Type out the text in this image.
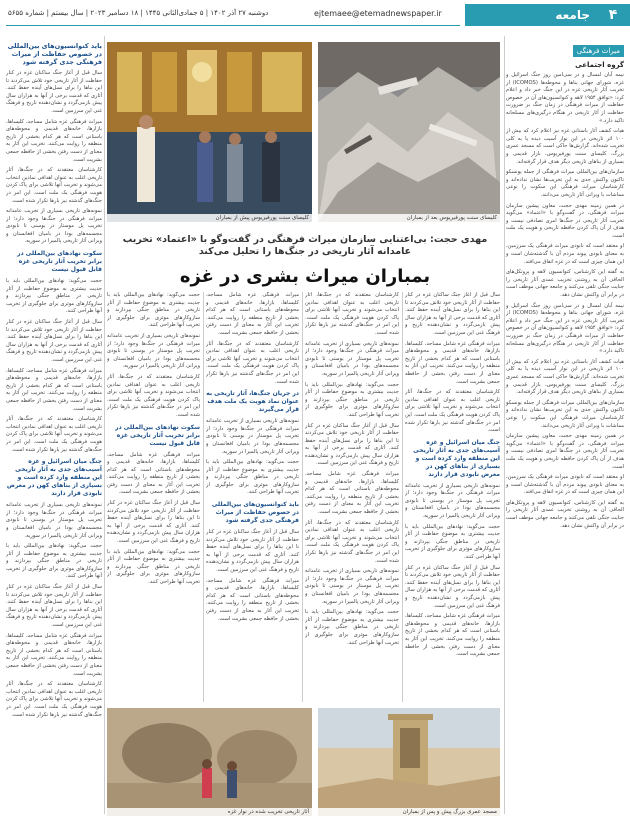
۴
جامعه
ejtemaee@etemadnewspaper.ir
دوشنبه ۲۷ آذر ۱۴۰۲ | ۵ جمادی‌الثانی ۱۴۴۵ | ۱۸ دسامبر ۲۰۲۳ | سال بیستم | شماره ۵۶۵۵
میراث فرهنگی
گروه اجتماعی
نیمه آبان امسال و در سی‌امین روز جنگ اسرائیل و غزه، شورای جهانی بناها و محوطه‌ها (ICOMOS) از تخریب آثار تاریخی غزه در این جنگ خبر داد و اعلام کرد: «توافق ۱۹۵۴ لاهه و کنوانسیون‌های آن در خصوص حفاظت از میراث فرهنگی در زمان جنگ بر ضرورت حفاظت از آثار تاریخی در هنگام درگیری‌های مسلحانه تاکید دارد.»
هیات کشف آثار باستانی غزه نیز اعلام کرد که بیش از ۱۰۰ اثر تاریخی در این نوار آسیب دیده یا به کلی تخریب شده‌اند. گزارش‌ها حاکی است که مسجد عمری بزرگ، کلیسای سنت پورفیریوس، بازار قدیمی و بسیاری از بناهای تاریخی دیگر هدف قرار گرفته‌اند.
سازمان‌های بین‌المللی میراث فرهنگی از جمله یونسکو تاکنون واکنش جدی به این تخریب‌ها نشان نداده‌اند و کارشناسان میراث فرهنگی این سکوت را نوعی مماشات با ویرانی آثار تاریخی می‌دانند.
در همین زمینه مهدی حجت، معاون پیشین سازمان میراث فرهنگی، در گفت‌وگو با «اعتماد» می‌گوید تخریب آثار تاریخی در جنگ‌ها امری تصادفی نیست و هدف از آن پاک کردن حافظه تاریخی و هویت یک ملت است.
او معتقد است که نابودی میراث فرهنگی یک سرزمین، به معنای نابودی پیوند مردم آن با گذشته‌شان است و این همان چیزی است که در غزه اتفاق می‌افتد.
به گفته این کارشناس، کنوانسیون لاهه و پروتکل‌های الحاقی آن به روشنی تخریب عمدی آثار تاریخی را جنایت جنگی تلقی می‌کنند و جامعه جهانی موظف است در برابر آن واکنش نشان دهد.
نیمه آبان امسال و در سی‌امین روز جنگ اسرائیل و غزه، شورای جهانی بناها و محوطه‌ها (ICOMOS) از تخریب آثار تاریخی غزه در این جنگ خبر داد و اعلام کرد: «توافق ۱۹۵۴ لاهه و کنوانسیون‌های آن در خصوص حفاظت از میراث فرهنگی در زمان جنگ بر ضرورت حفاظت از آثار تاریخی در هنگام درگیری‌های مسلحانه تاکید دارد.»
هیات کشف آثار باستانی غزه نیز اعلام کرد که بیش از ۱۰۰ اثر تاریخی در این نوار آسیب دیده یا به کلی تخریب شده‌اند. گزارش‌ها حاکی است که مسجد عمری بزرگ، کلیسای سنت پورفیریوس، بازار قدیمی و بسیاری از بناهای تاریخی دیگر هدف قرار گرفته‌اند.
سازمان‌های بین‌المللی میراث فرهنگی از جمله یونسکو تاکنون واکنش جدی به این تخریب‌ها نشان نداده‌اند و کارشناسان میراث فرهنگی این سکوت را نوعی مماشات با ویرانی آثار تاریخی می‌دانند.
در همین زمینه مهدی حجت، معاون پیشین سازمان میراث فرهنگی، در گفت‌وگو با «اعتماد» می‌گوید تخریب آثار تاریخی در جنگ‌ها امری تصادفی نیست و هدف از آن پاک کردن حافظه تاریخی و هویت یک ملت است.
او معتقد است که نابودی میراث فرهنگی یک سرزمین، به معنای نابودی پیوند مردم آن با گذشته‌شان است و این همان چیزی است که در غزه اتفاق می‌افتد.
به گفته این کارشناس، کنوانسیون لاهه و پروتکل‌های الحاقی آن به روشنی تخریب عمدی آثار تاریخی را جنایت جنگی تلقی می‌کنند و جامعه جهانی موظف است در برابر آن واکنش نشان دهد.
کلیسای سنت پورفیریوس بعد از بمباران
کلیسای سنت پورفیریوس پیش از بمباران
مهدی حجت: بی‌اعتنایی سازمان میراث فرهنگی در گفت‌وگو با «اعتماد» تخریب عامدانه آثار تاریخی در جنگ‌ها را تحلیل می‌کند
بمباران میراث بشری در غزه
سال قبل از آغاز جنگ ساکنان غزه در کنار حفاظت از آثار تاریخی خود تلاش می‌کردند تا این بناها را برای نسل‌های آینده حفظ کنند. آثاری که قدمت برخی از آنها به هزاران سال پیش بازمی‌گردد و نشان‌دهنده تاریخ و فرهنگ غنی این سرزمین است.
میراث فرهنگی غزه شامل مساجد، کلیساها، بازارها، خانه‌های قدیمی و محوطه‌های باستانی است که هر کدام بخشی از تاریخ منطقه را روایت می‌کنند. تخریب این آثار به معنای از دست رفتن بخشی از حافظه جمعی بشریت است.
کارشناسان معتقدند که در جنگ‌ها، آثار تاریخی اغلب به عنوان اهدافی نمادین انتخاب می‌شوند و تخریب آنها تلاشی برای پاک کردن هویت فرهنگی یک ملت است. این امر در جنگ‌های گذشته نیز بارها تکرار شده است.
جنگ میان اسرائیل و غزه آسیب‌های جدی به آثار تاریخی این منطقه وارد کرده است و بسیاری از بناهای کهن در معرض نابودی قرار دارند
نمونه‌های تاریخی بسیاری از تخریب عامدانه میراث فرهنگی در جنگ‌ها وجود دارد؛ از تخریب پل موستار در بوسنی تا نابودی مجسمه‌های بودا در بامیان افغانستان و ویرانی آثار تاریخی پالمیرا در سوریه.
حجت می‌گوید: نهادهای بین‌المللی باید با جدیت بیشتری به موضوع حفاظت از آثار تاریخی در مناطق جنگی بپردازند و سازوکارهای موثری برای جلوگیری از تخریب آنها طراحی کنند.
سال قبل از آغاز جنگ ساکنان غزه در کنار حفاظت از آثار تاریخی خود تلاش می‌کردند تا این بناها را برای نسل‌های آینده حفظ کنند. آثاری که قدمت برخی از آنها به هزاران سال پیش بازمی‌گردد و نشان‌دهنده تاریخ و فرهنگ غنی این سرزمین است.
میراث فرهنگی غزه شامل مساجد، کلیساها، بازارها، خانه‌های قدیمی و محوطه‌های باستانی است که هر کدام بخشی از تاریخ منطقه را روایت می‌کنند. تخریب این آثار به معنای از دست رفتن بخشی از حافظه جمعی بشریت است.
کارشناسان معتقدند که در جنگ‌ها، آثار تاریخی اغلب به عنوان اهدافی نمادین انتخاب می‌شوند و تخریب آنها تلاشی برای پاک کردن هویت فرهنگی یک ملت است. این امر در جنگ‌های گذشته نیز بارها تکرار شده است.
نمونه‌های تاریخی بسیاری از تخریب عامدانه میراث فرهنگی در جنگ‌ها وجود دارد؛ از تخریب پل موستار در بوسنی تا نابودی مجسمه‌های بودا در بامیان افغانستان و ویرانی آثار تاریخی پالمیرا در سوریه.
حجت می‌گوید: نهادهای بین‌المللی باید با جدیت بیشتری به موضوع حفاظت از آثار تاریخی در مناطق جنگی بپردازند و سازوکارهای موثری برای جلوگیری از تخریب آنها طراحی کنند.
سال قبل از آغاز جنگ ساکنان غزه در کنار حفاظت از آثار تاریخی خود تلاش می‌کردند تا این بناها را برای نسل‌های آینده حفظ کنند. آثاری که قدمت برخی از آنها به هزاران سال پیش بازمی‌گردد و نشان‌دهنده تاریخ و فرهنگ غنی این سرزمین است.
میراث فرهنگی غزه شامل مساجد، کلیساها، بازارها، خانه‌های قدیمی و محوطه‌های باستانی است که هر کدام بخشی از تاریخ منطقه را روایت می‌کنند. تخریب این آثار به معنای از دست رفتن بخشی از حافظه جمعی بشریت است.
کارشناسان معتقدند که در جنگ‌ها، آثار تاریخی اغلب به عنوان اهدافی نمادین انتخاب می‌شوند و تخریب آنها تلاشی برای پاک کردن هویت فرهنگی یک ملت است. این امر در جنگ‌های گذشته نیز بارها تکرار شده است.
نمونه‌های تاریخی بسیاری از تخریب عامدانه میراث فرهنگی در جنگ‌ها وجود دارد؛ از تخریب پل موستار در بوسنی تا نابودی مجسمه‌های بودا در بامیان افغانستان و ویرانی آثار تاریخی پالمیرا در سوریه.
حجت می‌گوید: نهادهای بین‌المللی باید با جدیت بیشتری به موضوع حفاظت از آثار تاریخی در مناطق جنگی بپردازند و سازوکارهای موثری برای جلوگیری از تخریب آنها طراحی کنند.
میراث فرهنگی غزه شامل مساجد، کلیساها، بازارها، خانه‌های قدیمی و محوطه‌های باستانی است که هر کدام بخشی از تاریخ منطقه را روایت می‌کنند. تخریب این آثار به معنای از دست رفتن بخشی از حافظه جمعی بشریت است.
کارشناسان معتقدند که در جنگ‌ها، آثار تاریخی اغلب به عنوان اهدافی نمادین انتخاب می‌شوند و تخریب آنها تلاشی برای پاک کردن هویت فرهنگی یک ملت است. این امر در جنگ‌های گذشته نیز بارها تکرار شده است.
در جریان جنگ‌ها، آثار تاریخی به عنوان نماد هویت یک ملت هدف قرار می‌گیرند
نمونه‌های تاریخی بسیاری از تخریب عامدانه میراث فرهنگی در جنگ‌ها وجود دارد؛ از تخریب پل موستار در بوسنی تا نابودی مجسمه‌های بودا در بامیان افغانستان و ویرانی آثار تاریخی پالمیرا در سوریه.
حجت می‌گوید: نهادهای بین‌المللی باید با جدیت بیشتری به موضوع حفاظت از آثار تاریخی در مناطق جنگی بپردازند و سازوکارهای موثری برای جلوگیری از تخریب آنها طراحی کنند.
باید کنوانسیون‌های بین‌المللی در خصوص حفاظت از میراث فرهنگی جدی گرفته شود
سال قبل از آغاز جنگ ساکنان غزه در کنار حفاظت از آثار تاریخی خود تلاش می‌کردند تا این بناها را برای نسل‌های آینده حفظ کنند. آثاری که قدمت برخی از آنها به هزاران سال پیش بازمی‌گردد و نشان‌دهنده تاریخ و فرهنگ غنی این سرزمین است.
میراث فرهنگی غزه شامل مساجد، کلیساها، بازارها، خانه‌های قدیمی و محوطه‌های باستانی است که هر کدام بخشی از تاریخ منطقه را روایت می‌کنند. تخریب این آثار به معنای از دست رفتن بخشی از حافظه جمعی بشریت است.
حجت می‌گوید: نهادهای بین‌المللی باید با جدیت بیشتری به موضوع حفاظت از آثار تاریخی در مناطق جنگی بپردازند و سازوکارهای موثری برای جلوگیری از تخریب آنها طراحی کنند.
نمونه‌های تاریخی بسیاری از تخریب عامدانه میراث فرهنگی در جنگ‌ها وجود دارد؛ از تخریب پل موستار در بوسنی تا نابودی مجسمه‌های بودا در بامیان افغانستان و ویرانی آثار تاریخی پالمیرا در سوریه.
کارشناسان معتقدند که در جنگ‌ها، آثار تاریخی اغلب به عنوان اهدافی نمادین انتخاب می‌شوند و تخریب آنها تلاشی برای پاک کردن هویت فرهنگی یک ملت است. این امر در جنگ‌های گذشته نیز بارها تکرار شده است.
سکوت نهادهای بین‌المللی در برابر تخریب آثار تاریخی غزه قابل قبول نیست
میراث فرهنگی غزه شامل مساجد، کلیساها، بازارها، خانه‌های قدیمی و محوطه‌های باستانی است که هر کدام بخشی از تاریخ منطقه را روایت می‌کنند. تخریب این آثار به معنای از دست رفتن بخشی از حافظه جمعی بشریت است.
سال قبل از آغاز جنگ ساکنان غزه در کنار حفاظت از آثار تاریخی خود تلاش می‌کردند تا این بناها را برای نسل‌های آینده حفظ کنند. آثاری که قدمت برخی از آنها به هزاران سال پیش بازمی‌گردد و نشان‌دهنده تاریخ و فرهنگ غنی این سرزمین است.
حجت می‌گوید: نهادهای بین‌المللی باید با جدیت بیشتری به موضوع حفاظت از آثار تاریخی در مناطق جنگی بپردازند و سازوکارهای موثری برای جلوگیری از تخریب آنها طراحی کنند.
باید کنوانسیون‌های بین‌المللی در خصوص حفاظت از میراث فرهنگی جدی گرفته شود
سال قبل از آغاز جنگ ساکنان غزه در کنار حفاظت از آثار تاریخی خود تلاش می‌کردند تا این بناها را برای نسل‌های آینده حفظ کنند. آثاری که قدمت برخی از آنها به هزاران سال پیش بازمی‌گردد و نشان‌دهنده تاریخ و فرهنگ غنی این سرزمین است.
میراث فرهنگی غزه شامل مساجد، کلیساها، بازارها، خانه‌های قدیمی و محوطه‌های باستانی است که هر کدام بخشی از تاریخ منطقه را روایت می‌کنند. تخریب این آثار به معنای از دست رفتن بخشی از حافظه جمعی بشریت است.
کارشناسان معتقدند که در جنگ‌ها، آثار تاریخی اغلب به عنوان اهدافی نمادین انتخاب می‌شوند و تخریب آنها تلاشی برای پاک کردن هویت فرهنگی یک ملت است. این امر در جنگ‌های گذشته نیز بارها تکرار شده است.
نمونه‌های تاریخی بسیاری از تخریب عامدانه میراث فرهنگی در جنگ‌ها وجود دارد؛ از تخریب پل موستار در بوسنی تا نابودی مجسمه‌های بودا در بامیان افغانستان و ویرانی آثار تاریخی پالمیرا در سوریه.
سکوت نهادهای بین‌المللی در برابر تخریب آثار تاریخی غزه قابل قبول نیست
حجت می‌گوید: نهادهای بین‌المللی باید با جدیت بیشتری به موضوع حفاظت از آثار تاریخی در مناطق جنگی بپردازند و سازوکارهای موثری برای جلوگیری از تخریب آنها طراحی کنند.
سال قبل از آغاز جنگ ساکنان غزه در کنار حفاظت از آثار تاریخی خود تلاش می‌کردند تا این بناها را برای نسل‌های آینده حفظ کنند. آثاری که قدمت برخی از آنها به هزاران سال پیش بازمی‌گردد و نشان‌دهنده تاریخ و فرهنگ غنی این سرزمین است.
میراث فرهنگی غزه شامل مساجد، کلیساها، بازارها، خانه‌های قدیمی و محوطه‌های باستانی است که هر کدام بخشی از تاریخ منطقه را روایت می‌کنند. تخریب این آثار به معنای از دست رفتن بخشی از حافظه جمعی بشریت است.
کارشناسان معتقدند که در جنگ‌ها، آثار تاریخی اغلب به عنوان اهدافی نمادین انتخاب می‌شوند و تخریب آنها تلاشی برای پاک کردن هویت فرهنگی یک ملت است. این امر در جنگ‌های گذشته نیز بارها تکرار شده است.
جنگ میان اسرائیل و غزه آسیب‌های جدی به آثار تاریخی این منطقه وارد کرده است و بسیاری از بناهای کهن در معرض نابودی قرار دارند
نمونه‌های تاریخی بسیاری از تخریب عامدانه میراث فرهنگی در جنگ‌ها وجود دارد؛ از تخریب پل موستار در بوسنی تا نابودی مجسمه‌های بودا در بامیان افغانستان و ویرانی آثار تاریخی پالمیرا در سوریه.
حجت می‌گوید: نهادهای بین‌المللی باید با جدیت بیشتری به موضوع حفاظت از آثار تاریخی در مناطق جنگی بپردازند و سازوکارهای موثری برای جلوگیری از تخریب آنها طراحی کنند.
سال قبل از آغاز جنگ ساکنان غزه در کنار حفاظت از آثار تاریخی خود تلاش می‌کردند تا این بناها را برای نسل‌های آینده حفظ کنند. آثاری که قدمت برخی از آنها به هزاران سال پیش بازمی‌گردد و نشان‌دهنده تاریخ و فرهنگ غنی این سرزمین است.
میراث فرهنگی غزه شامل مساجد، کلیساها، بازارها، خانه‌های قدیمی و محوطه‌های باستانی است که هر کدام بخشی از تاریخ منطقه را روایت می‌کنند. تخریب این آثار به معنای از دست رفتن بخشی از حافظه جمعی بشریت است.
کارشناسان معتقدند که در جنگ‌ها، آثار تاریخی اغلب به عنوان اهدافی نمادین انتخاب می‌شوند و تخریب آنها تلاشی برای پاک کردن هویت فرهنگی یک ملت است. این امر در جنگ‌های گذشته نیز بارها تکرار شده است.
مسجد عمری بزرگ پیش و پس از بمباران
آثار تاریخی تخریب شده در نوار غزه
